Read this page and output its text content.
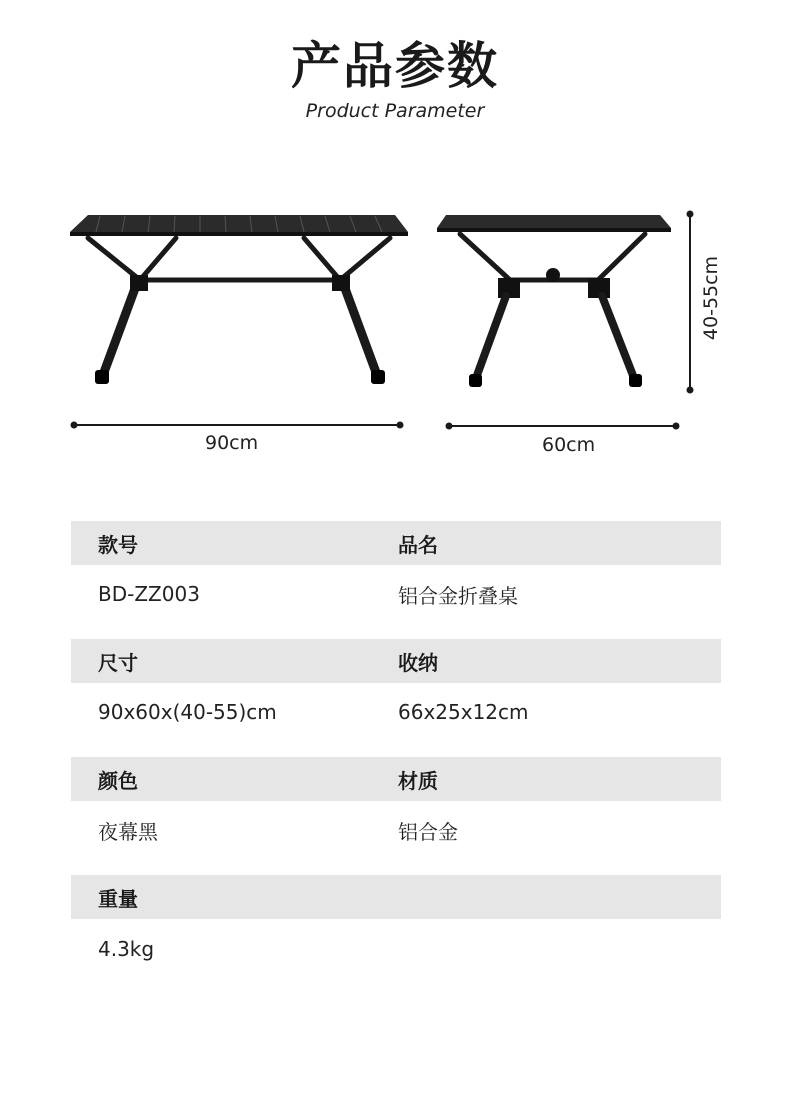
产品参数
Product Parameter
90cm	60cm
40-55cm
款号	品名
BD-ZZ003	铝合金折叠桌
尺寸	收纳
90x60x(40-55)cm	66x25x12cm
颜色	材质
夜幕黑	铝合金
重量
4.3kg
